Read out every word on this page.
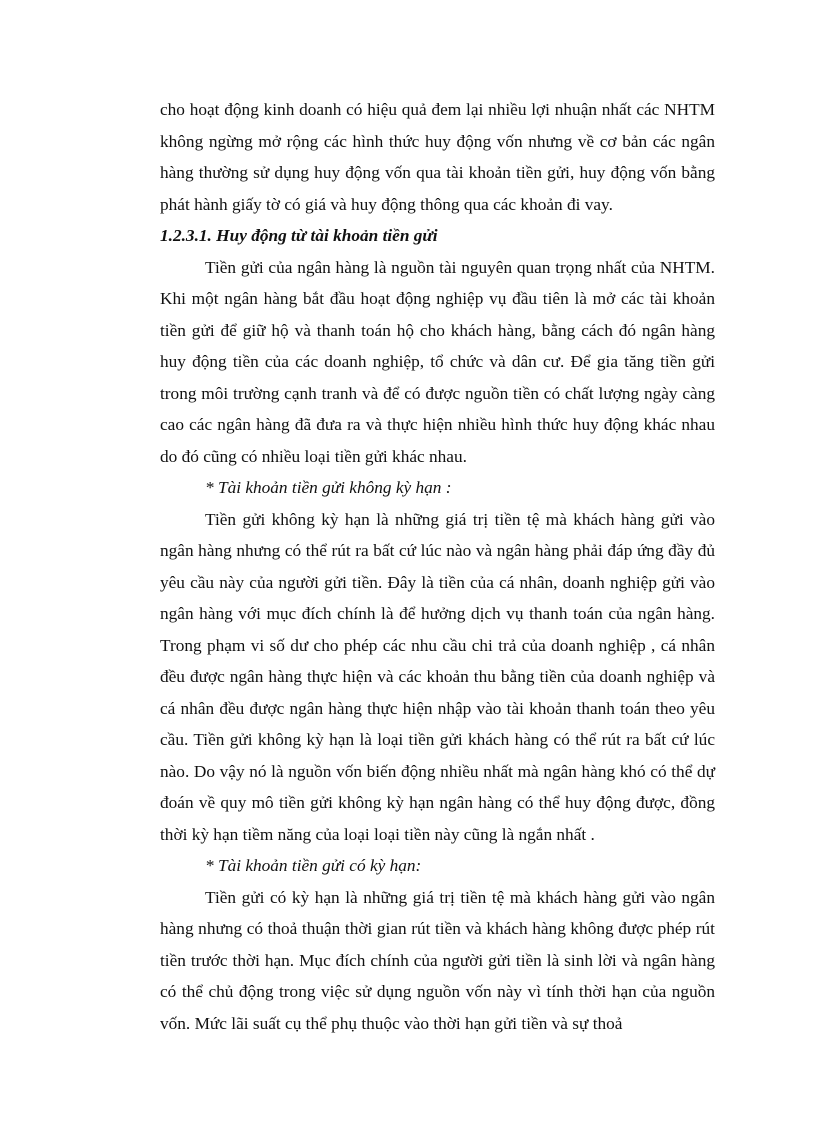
cho hoạt động kinh doanh có hiệu quả đem lại nhiều lợi nhuận nhất các NHTM không ngừng mở rộng các hình thức huy động vốn nhưng về cơ bản các ngân hàng thường sử dụng huy động vốn qua tài khoản tiền gửi, huy động vốn bằng phát hành giấy tờ có giá và huy động thông qua các khoản đi vay.

1.2.3.1. Huy động từ tài khoản tiền gửi

Tiền gửi của ngân hàng là nguồn tài nguyên quan trọng nhất của NHTM. Khi một ngân hàng bắt đầu hoạt động nghiệp vụ đầu tiên là mở các tài khoản tiền gửi để giữ hộ và thanh toán hộ cho khách hàng, bằng cách đó ngân hàng huy động tiền của các doanh nghiệp, tổ chức và dân cư. Để gia tăng tiền gửi trong môi trường cạnh tranh và để có được nguồn tiền có chất lượng ngày càng cao các ngân hàng đã đưa ra và thực hiện nhiều hình thức huy động khác nhau do đó cũng có nhiều loại tiền gửi khác nhau.

* Tài khoản tiền gửi không kỳ hạn :

Tiền gửi không kỳ hạn là những giá trị tiền tệ mà khách hàng gửi vào ngân hàng nhưng có thể rút ra bất cứ lúc nào và ngân hàng phải đáp ứng đầy đủ yêu cầu này của người gửi tiền. Đây là tiền của cá nhân, doanh nghiệp gửi vào ngân hàng với mục đích chính là để hưởng dịch vụ thanh toán của ngân hàng. Trong phạm vi số dư cho phép các nhu cầu chi trả của doanh nghiệp , cá nhân đều được ngân hàng thực hiện và các khoản thu bằng tiền của doanh nghiệp và cá nhân đều được ngân hàng thực hiện nhập vào tài khoản thanh toán theo yêu cầu. Tiền gửi không kỳ hạn là loại tiền gửi khách hàng có thể rút ra bất cứ lúc nào. Do vậy nó là nguồn vốn biến động nhiều nhất mà ngân hàng khó có thể dự đoán về quy mô tiền gửi không kỳ hạn ngân hàng có thể huy động được, đồng thời kỳ hạn tiềm năng của loại loại tiền này cũng là ngắn nhất .

* Tài khoản tiền gửi có kỳ hạn:

Tiền gửi có kỳ hạn là những giá trị tiền tệ mà khách hàng gửi vào ngân hàng nhưng có thoả thuận thời gian rút tiền và khách hàng không được phép rút tiền trước thời hạn. Mục đích chính của người gửi tiền là sinh lời và ngân hàng có thể chủ động trong việc sử dụng nguồn vốn này vì tính thời hạn của nguồn vốn. Mức lãi suất cụ thể phụ thuộc vào thời hạn gửi tiền và sự thoả
